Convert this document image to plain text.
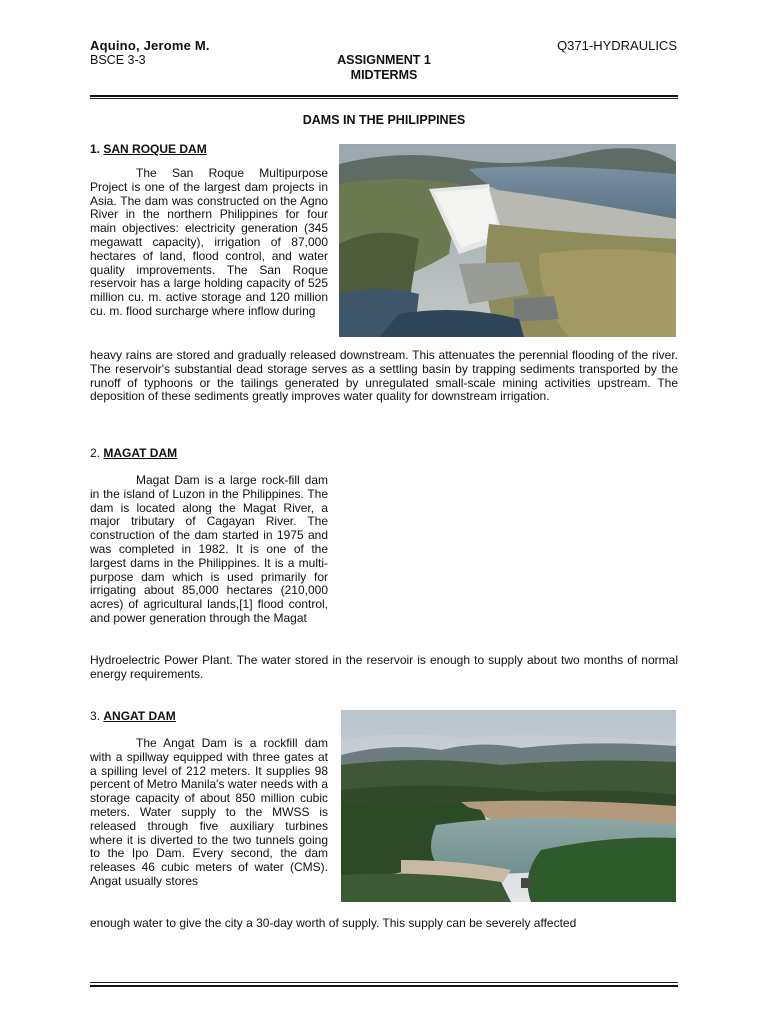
Aquino, Jerome M.
BSCE 3-3
Q371-HYDRAULICS
ASSIGNMENT 1
MIDTERMS
DAMS IN THE PHILIPPINES
1. SAN ROQUE DAM
The San Roque Multipurpose Project is one of the largest dam projects in Asia. The dam was constructed on the Agno River in the northern Philippines for four main objectives: electricity generation (345 megawatt capacity), irrigation of 87,000 hectares of land, flood control, and water quality improvements. The San Roque reservoir has a large holding capacity of 525 million cu. m. active storage and 120 million cu. m. flood surcharge where inflow during
heavy rains are stored and gradually released downstream. This attenuates the perennial flooding of the river. The reservoir's substantial dead storage serves as a settling basin by trapping sediments transported by the runoff of typhoons or the tailings generated by unregulated small-scale mining activities upstream. The deposition of these sediments greatly improves water quality for downstream irrigation.
2. MAGAT DAM
Magat Dam is a large rock-fill dam in the island of Luzon in the Philippines. The dam is located along the Magat River, a major tributary of Cagayan River. The construction of the dam started in 1975 and was completed in 1982. It is one of the largest dams in the Philippines. It is a multi-purpose dam which is used primarily for irrigating about 85,000 hectares (210,000 acres) of agricultural lands,[1] flood control, and power generation through the Magat
Hydroelectric Power Plant. The water stored in the reservoir is enough to supply about two months of normal energy requirements.
3. ANGAT DAM
The Angat Dam is a rockfill dam with a spillway equipped with three gates at a spilling level of 212 meters. It supplies 98 percent of Metro Manila's water needs with a storage capacity of about 850 million cubic meters. Water supply to the MWSS is released through five auxiliary turbines where it is diverted to the two tunnels going to the Ipo Dam. Every second, the dam releases 46 cubic meters of water (CMS). Angat usually stores
enough water to give the city a 30-day worth of supply. This supply can be severely affected
